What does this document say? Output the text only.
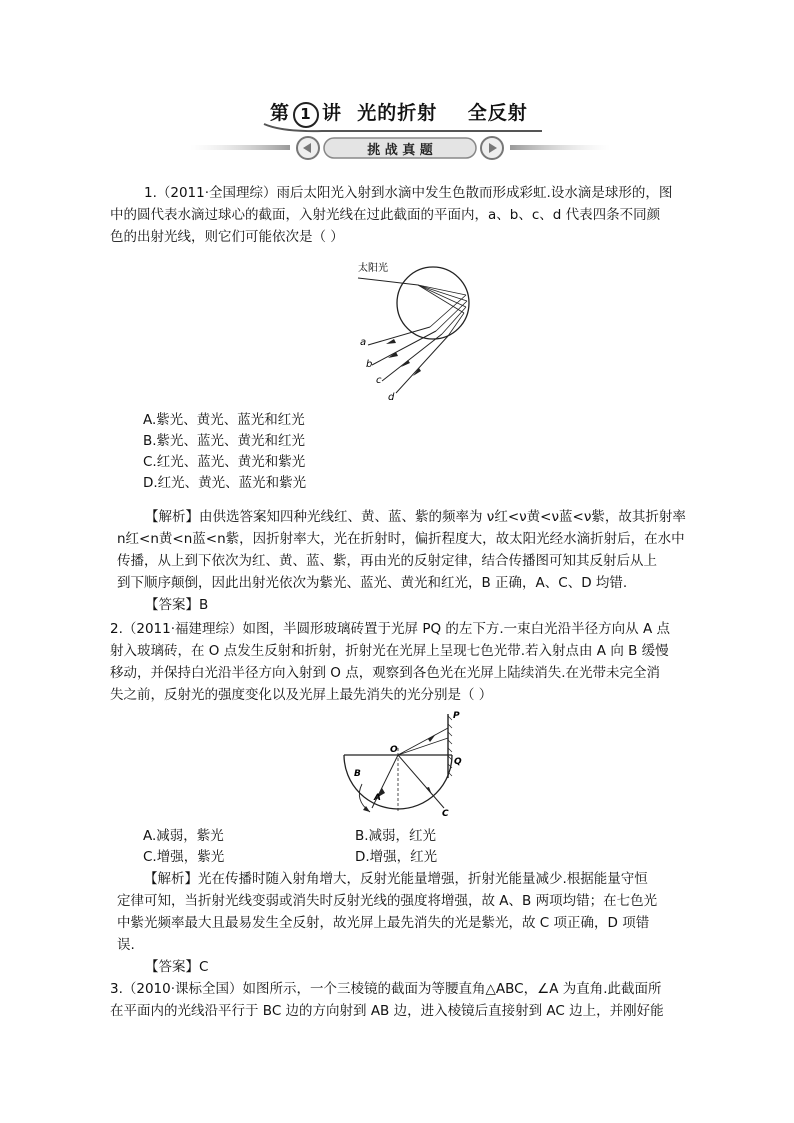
第 1 讲  光的折射    全反射
挑 战 真 题
1.（2011·全国理综）雨后太阳光入射到水滴中发生色散而形成彩虹.设水滴是球形的，图
中的圆代表水滴过球心的截面，入射光线在过此截面的平面内，a、b、c、d 代表四条不同颜
色的出射光线，则它们可能依次是（ ）
太阳光
a
b
c
d
A.紫光、黄光、蓝光和红光
B.紫光、蓝光、黄光和红光
C.红光、蓝光、黄光和紫光
D.红光、黄光、蓝光和紫光
【解析】由供选答案知四种光线红、黄、蓝、紫的频率为 ν红<ν黄<ν蓝<ν紫，故其折射率
n红<n黄<n蓝<n紫，因折射率大，光在折射时，偏折程度大，故太阳光经水滴折射后，在水中
传播，从上到下依次为红、黄、蓝、紫，再由光的反射定律，结合传播图可知其反射后从上
到下顺序颠倒，因此出射光依次为紫光、蓝光、黄光和红光，B 正确，A、C、D 均错.
【答案】B
2.（2011·福建理综）如图，半圆形玻璃砖置于光屏 PQ 的左下方.一束白光沿半径方向从 A 点
射入玻璃砖，在 O 点发生反射和折射，折射光在光屏上呈现七色光带.若入射点由 A 向 B 缓慢
移动，并保持白光沿半径方向入射到 O 点，观察到各色光在光屏上陆续消失.在光带未完全消
失之前，反射光的强度变化以及光屏上最先消失的光分别是（ ）
P
Q
O
A
B
C
A.减弱，紫光	B.减弱，红光
C.增强，紫光	D.增强，红光
【解析】光在传播时随入射角增大，反射光能量增强，折射光能量减少.根据能量守恒
定律可知，当折射光线变弱或消失时反射光线的强度将增强，故 A、B 两项均错；在七色光
中紫光频率最大且最易发生全反射，故光屏上最先消失的光是紫光，故 C 项正确，D 项错
误.
【答案】C
3.（2010·课标全国）如图所示，一个三棱镜的截面为等腰直角△ABC，∠A 为直角.此截面所
在平面内的光线沿平行于 BC 边的方向射到 AB 边，进入棱镜后直接射到 AC 边上，并刚好能
